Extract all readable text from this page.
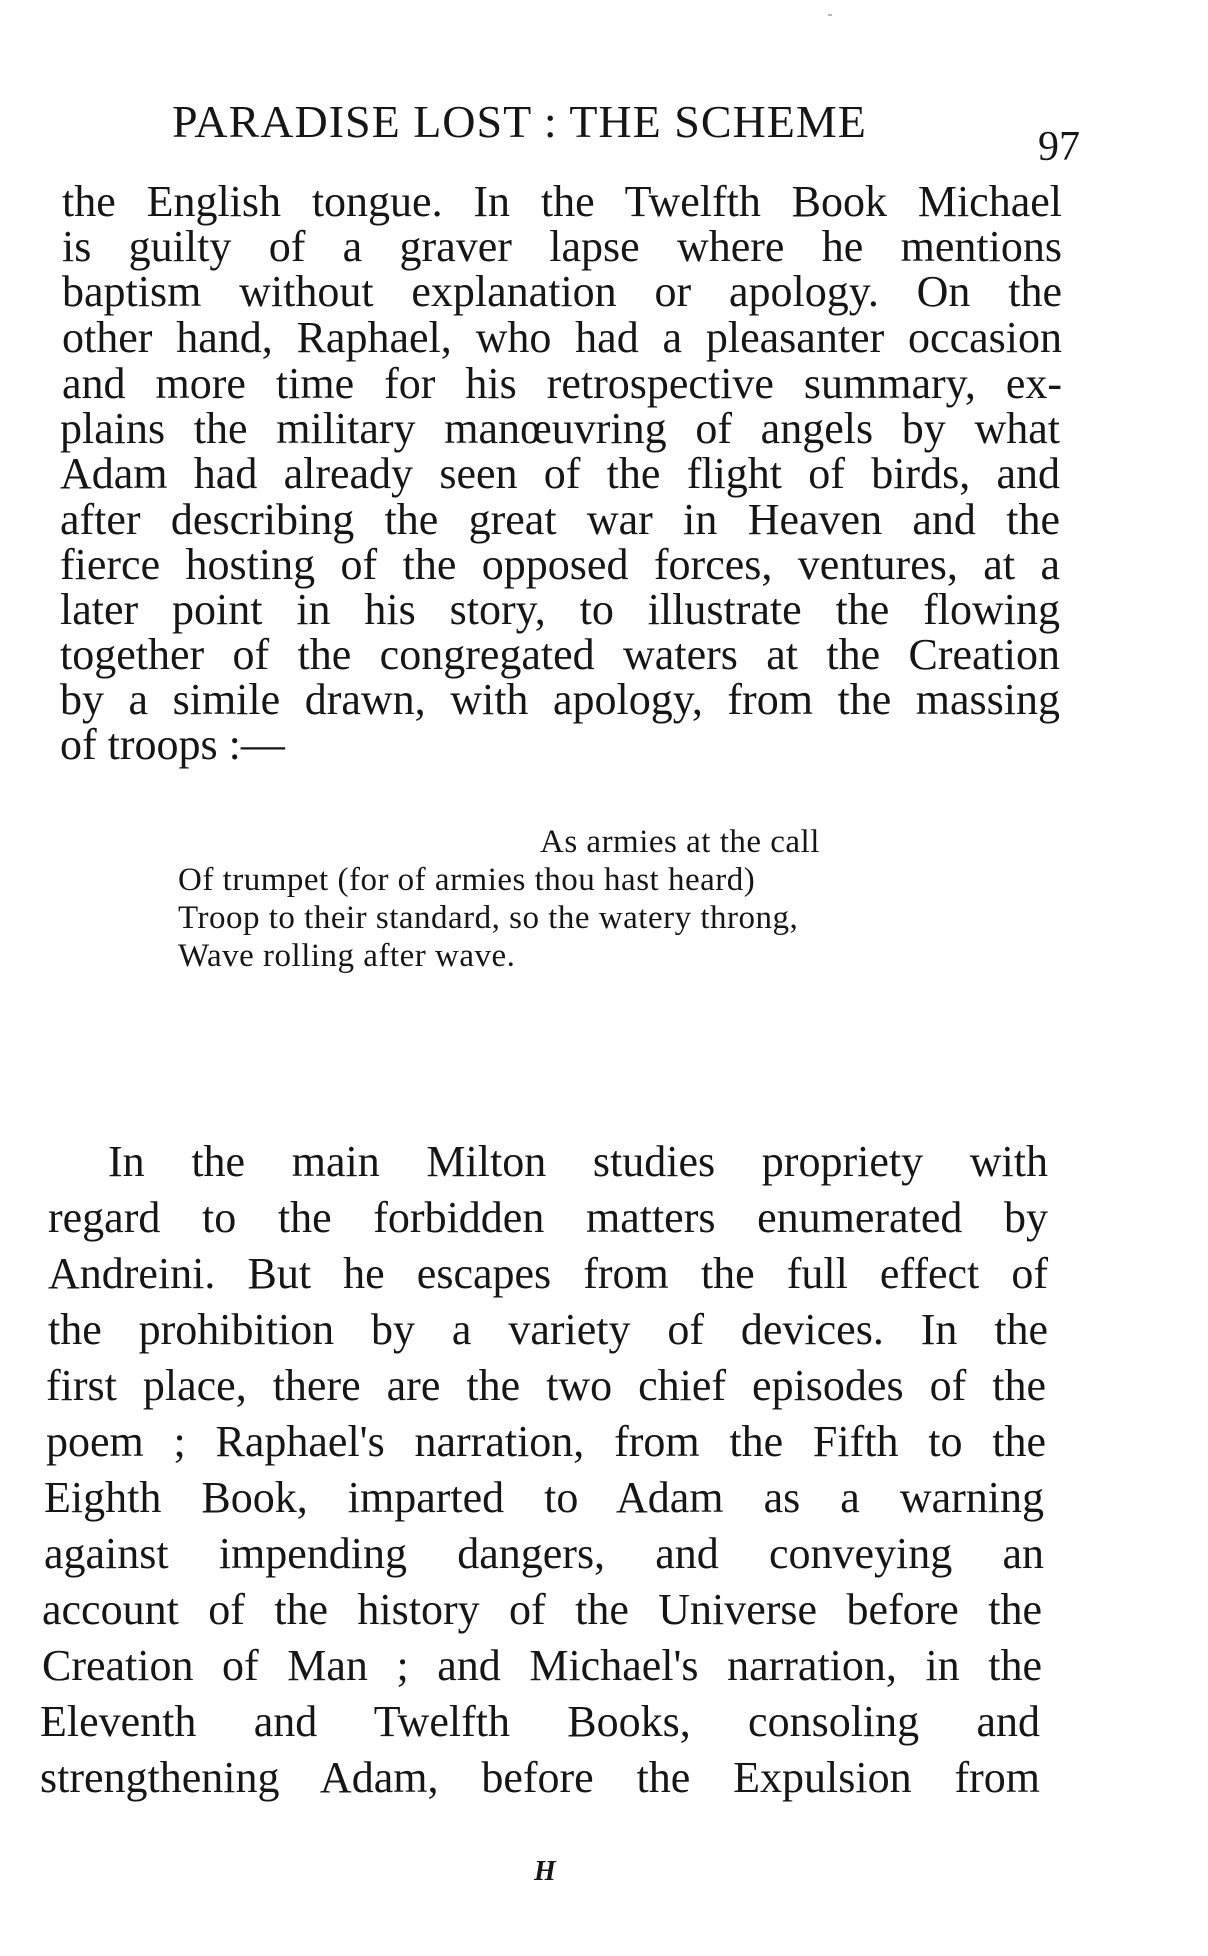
PARADISE LOST : THE SCHEME	97
the English tongue. In the Twelfth Book Michael
is guilty of a graver lapse where he mentions
baptism without explanation or apology. On the
other hand, Raphael, who had a pleasanter occasion
and more time for his retrospective summary, ex-
plains the military manœuvring of angels by what
Adam had already seen of the flight of birds, and
after describing the great war in Heaven and the
fierce hosting of the opposed forces, ventures, at a
later point in his story, to illustrate the flowing
together of the congregated waters at the Creation
by a simile drawn, with apology, from the massing
of troops :—
As armies at the call
Of trumpet (for of armies thou hast heard)
Troop to their standard, so the watery throng,
Wave rolling after wave.
In the main Milton studies propriety with
regard to the forbidden matters enumerated by
Andreini. But he escapes from the full effect of
the prohibition by a variety of devices. In the
first place, there are the two chief episodes of the
poem ; Raphael's narration, from the Fifth to the
Eighth Book, imparted to Adam as a warning
against impending dangers, and conveying an
account of the history of the Universe before the
Creation of Man ; and Michael's narration, in the
Eleventh and Twelfth Books, consoling and
strengthening Adam, before the Expulsion from
H
